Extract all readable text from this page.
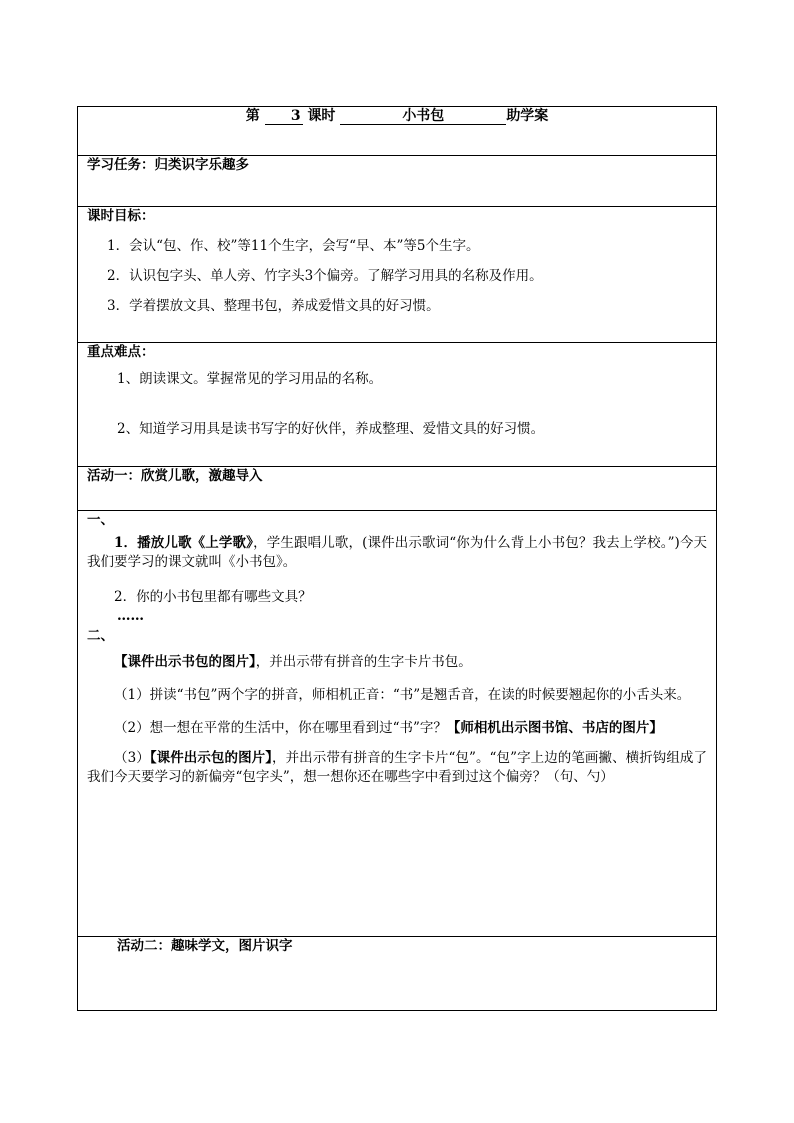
第 3 课时	小书包	助学案

学习任务：归类识字乐趣多

课时目标：
1．会认“包、作、校”等11个生字，会写“早、本”等5个生字。
2．认识包字头、单人旁、竹字头3个偏旁。了解学习用具的名称及作用。
3．学着摆放文具、整理书包，养成爱惜文具的好习惯。

重点难点：
1、朗读课文。掌握常见的学习用品的名称。
2、知道学习用具是读书写字的好伙伴，养成整理、爱惜文具的好习惯。

活动一：欣赏儿歌，激趣导入

一、
1．播放儿歌《上学歌》，学生跟唱儿歌，(课件出示歌词“你为什么背上小书包？我去上学校。”)今天我们要学习的课文就叫《小书包》。
2．你的小书包里都有哪些文具？
……
二、
【课件出示书包的图片】，并出示带有拼音的生字卡片书包。
（1）拼读“书包”两个字的拼音，师相机正音：“书”是翘舌音，在读的时候要翘起你的小舌头来。
（2）想一想在平常的生活中，你在哪里看到过“书”字？【师相机出示图书馆、书店的图片】
（3）【课件出示包的图片】，并出示带有拼音的生字卡片“包”。“包”字上边的笔画撇、横折钩组成了我们今天要学习的新偏旁“包字头”，想一想你还在哪些字中看到过这个偏旁？（句、勺）

活动二：趣味学文，图片识字
